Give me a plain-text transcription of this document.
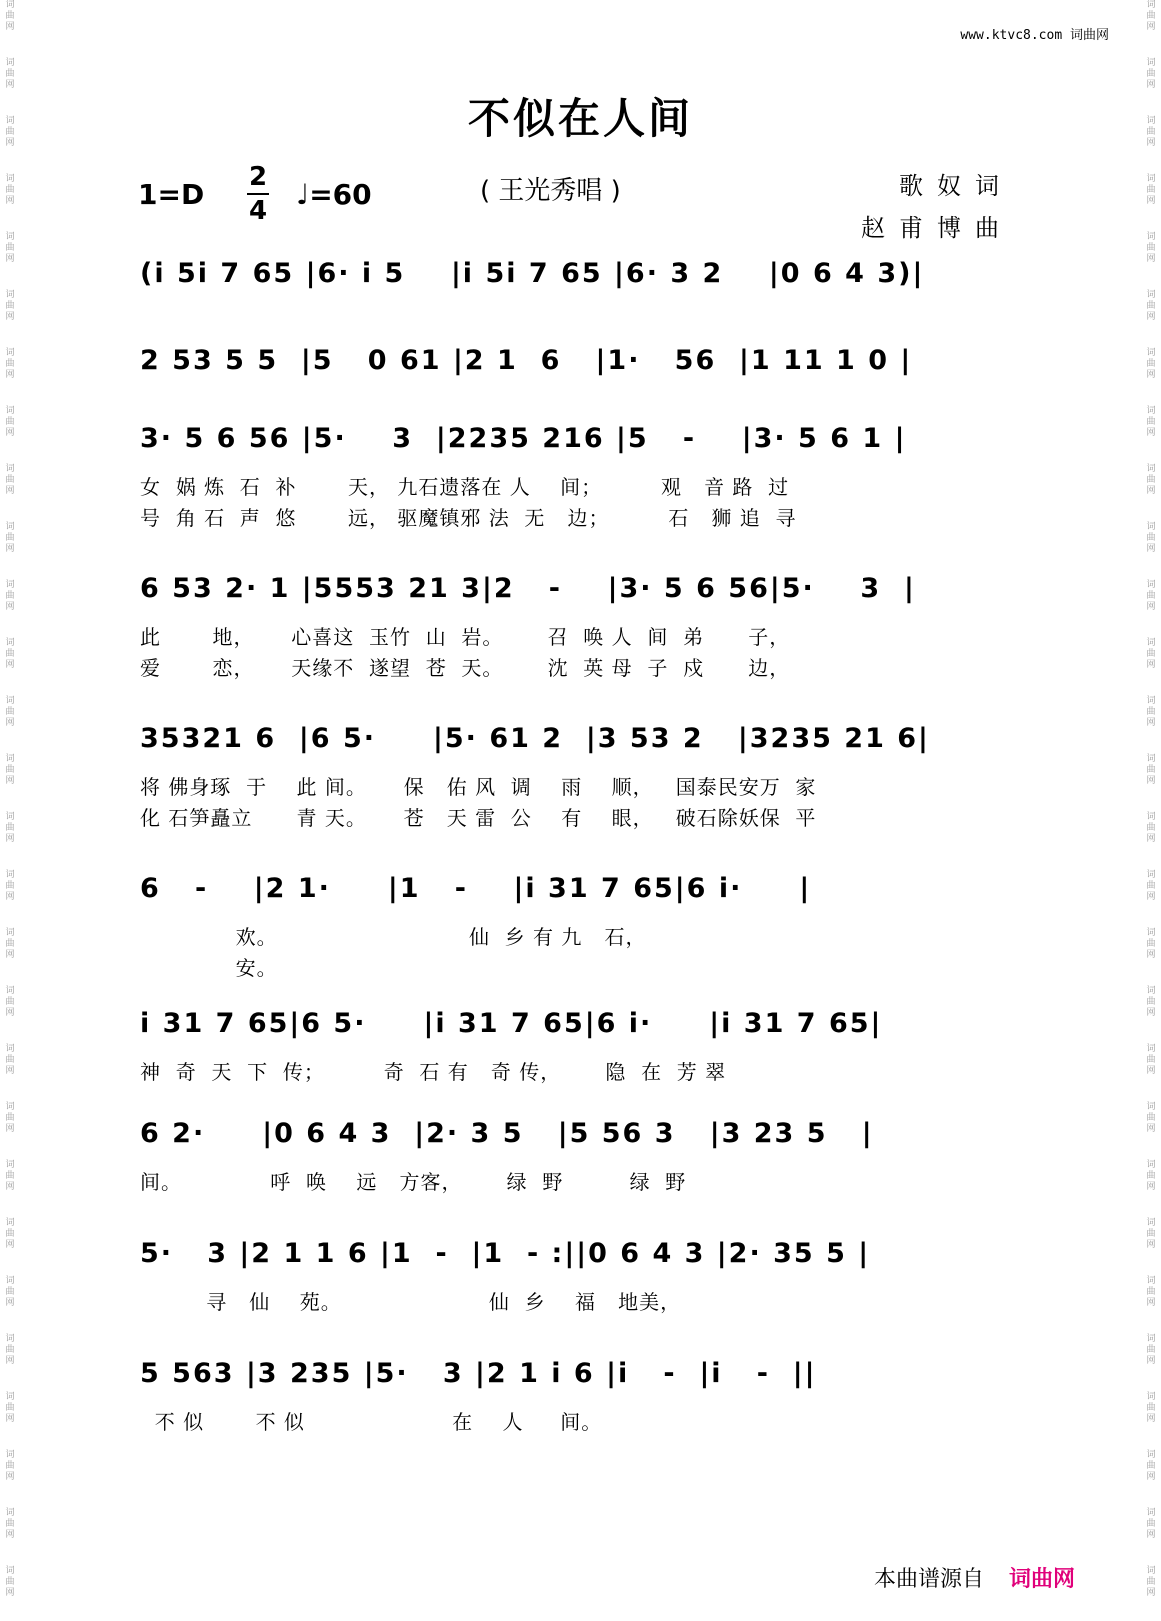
词曲网
词曲网
词曲网
词曲网
词曲网
词曲网
词曲网
词曲网
词曲网
词曲网
词曲网
词曲网
词曲网
词曲网
词曲网
词曲网
词曲网
词曲网
词曲网
词曲网
词曲网
词曲网
词曲网
词曲网
词曲网
词曲网
词曲网
词曲网
词曲网
词曲网
词曲网
词曲网
词曲网
词曲网
词曲网
词曲网
词曲网
词曲网
词曲网
词曲网
词曲网
词曲网
词曲网
词曲网
词曲网
词曲网
词曲网
词曲网
词曲网
词曲网
词曲网
词曲网
词曲网
词曲网
词曲网
词曲网
www.ktvc8.com 词曲网
不似在人间
1=D
2
4 ♩=60	( 王光秀唱 )	歌奴词
赵甫博曲
(i 5i 7 65 |6· i 5    |i 5i 7 65 |6· 3 2    |0 6 4 3)|
2 53 5 5  |5   0 61 |2 1  6   |1·   56  |1 11 1 0 |
3· 5 6 56 |5·    3  |2235 216 |5   -    |3· 5 6 1 |
女  娲 炼  石  补       天， 九石遗落在 人    间；        观   音 路  过
号  角 石  声  悠       远， 驱魔镇邪 法  无   边；        石   狮 追  寻
6 53 2· 1 |5553 21 3|2   -    |3· 5 6 56|5·    3  |
此       地，     心喜这  玉竹  山  岩。      召  唤 人  间  弟      子，
爱       恋，     天缘不  遂望  苍  天。      沈  英 母  子  戍      边，
35321 6  |6 5·     |5· 61 2  |3 53 2   |3235 21 6|
将 佛身琢  于    此 间。     保   佑 风  调    雨    顺，   国泰民安万  家
化 石笋矗立      青 天。     苍   天 雷  公    有    眼，   破石除妖保  平
6   -    |2 1·     |1   -    |i 31 7 65|6 i·     |
欢。                          仙  乡 有 九   石，
安。
i 31 7 65|6 5·     |i 31 7 65|6 i·     |i 31 7 65|
神  奇  天  下  传；        奇  石 有   奇 传，      隐  在  芳 翠
6 2·     |0 6 4 3  |2· 3 5   |5 56 3   |3 23 5   |
间。            呼  唤    远   方客，      绿  野         绿  野
5·   3 |2 1 1 6 |1  -  |1  - :||0 6 4 3 |2· 35 5 |
寻   仙    苑。                    仙  乡    福   地美，
5 563 |3 235 |5·   3 |2 1 i 6 |i   -  |i   -  ||
不 似       不 似                    在    人     间。
本曲谱源自 词曲网
